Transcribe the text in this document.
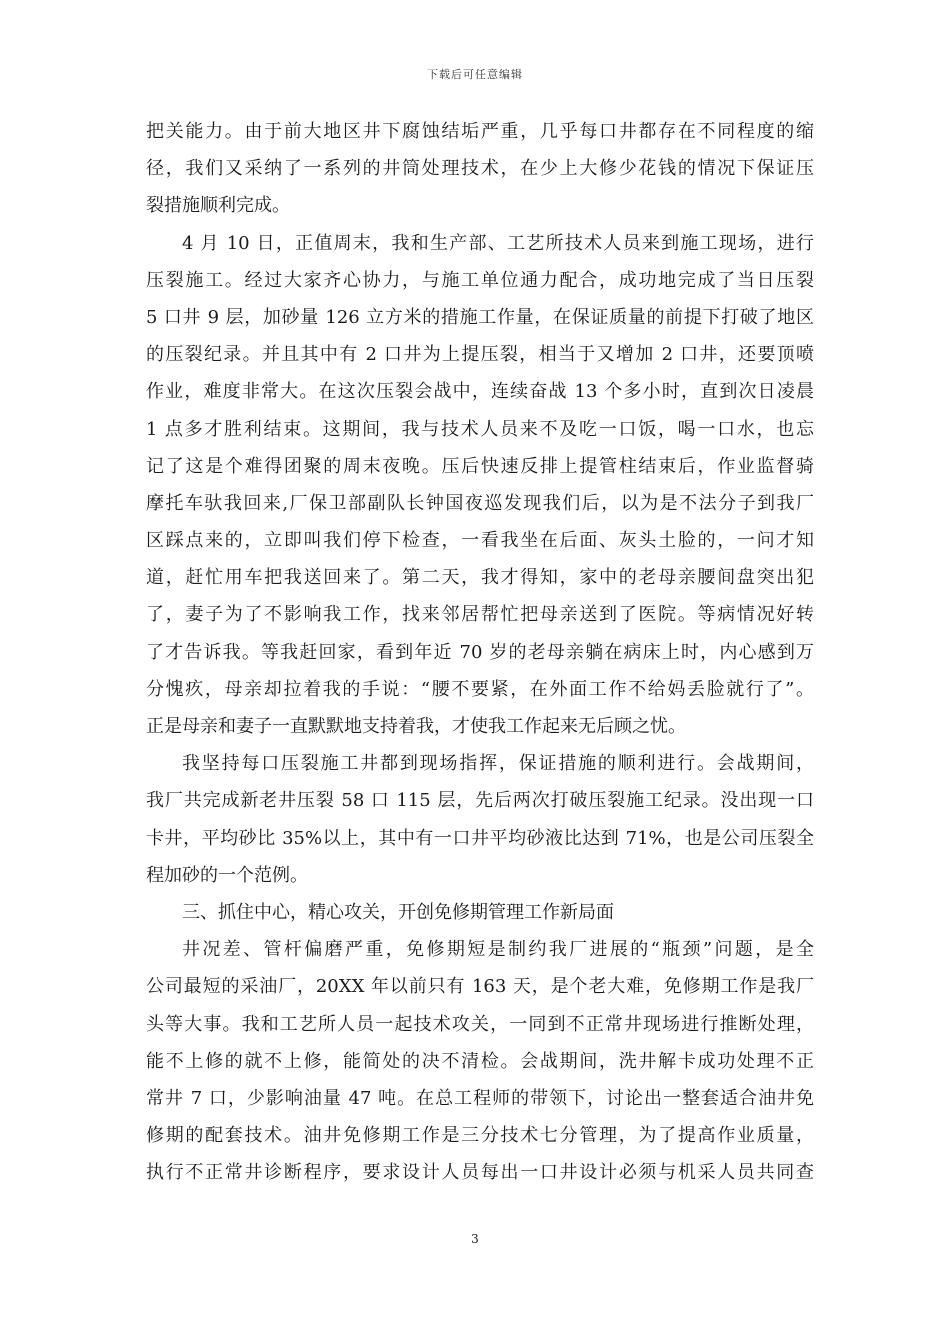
下载后可任意编辑
把关能力。由于前大地区井下腐蚀结垢严重，几乎每口井都存在不同程度的缩
径，我们又采纳了一系列的井筒处理技术，在少上大修少花钱的情况下保证压
裂措施顺利完成。
4 月 10 日，正值周末，我和生产部、工艺所技术人员来到施工现场，进行
压裂施工。经过大家齐心协力，与施工单位通力配合，成功地完成了当日压裂
5 口井 9 层，加砂量 126 立方米的措施工作量，在保证质量的前提下打破了地区
的压裂纪录。并且其中有 2 口井为上提压裂，相当于又增加 2 口井，还要顶喷
作业，难度非常大。在这次压裂会战中，连续奋战 13 个多小时，直到次日凌晨
1 点多才胜利结束。这期间，我与技术人员来不及吃一口饭，喝一口水，也忘
记了这是个难得团聚的周末夜晚。压后快速反排上提管柱结束后，作业监督骑
摩托车驮我回来,厂保卫部副队长钟国夜巡发现我们后，以为是不法分子到我厂
区踩点来的，立即叫我们停下检查，一看我坐在后面、灰头土脸的，一问才知
道，赶忙用车把我送回来了。第二天，我才得知，家中的老母亲腰间盘突出犯
了，妻子为了不影响我工作，找来邻居帮忙把母亲送到了医院。等病情况好转
了才告诉我。等我赶回家，看到年近 70 岁的老母亲躺在病床上时，内心感到万
分愧疚，母亲却拉着我的手说：“腰不要紧，在外面工作不给妈丢脸就行了”。
正是母亲和妻子一直默默地支持着我，才使我工作起来无后顾之忧。
我坚持每口压裂施工井都到现场指挥，保证措施的顺利进行。会战期间，
我厂共完成新老井压裂 58 口 115 层，先后两次打破压裂施工纪录。没出现一口
卡井，平均砂比 35%以上，其中有一口井平均砂液比达到 71%，也是公司压裂全
程加砂的一个范例。
三、抓住中心，精心攻关，开创免修期管理工作新局面
井况差、管杆偏磨严重，免修期短是制约我厂进展的“瓶颈”问题，是全
公司最短的采油厂，20XX 年以前只有 163 天，是个老大难，免修期工作是我厂
头等大事。我和工艺所人员一起技术攻关，一同到不正常井现场进行推断处理，
能不上修的就不上修，能简处的决不清检。会战期间，洗井解卡成功处理不正
常井 7 口，少影响油量 47 吨。在总工程师的带领下，讨论出一整套适合油井免
修期的配套技术。油井免修期工作是三分技术七分管理，为了提高作业质量，
执行不正常井诊断程序，要求设计人员每出一口井设计必须与机采人员共同查
3
